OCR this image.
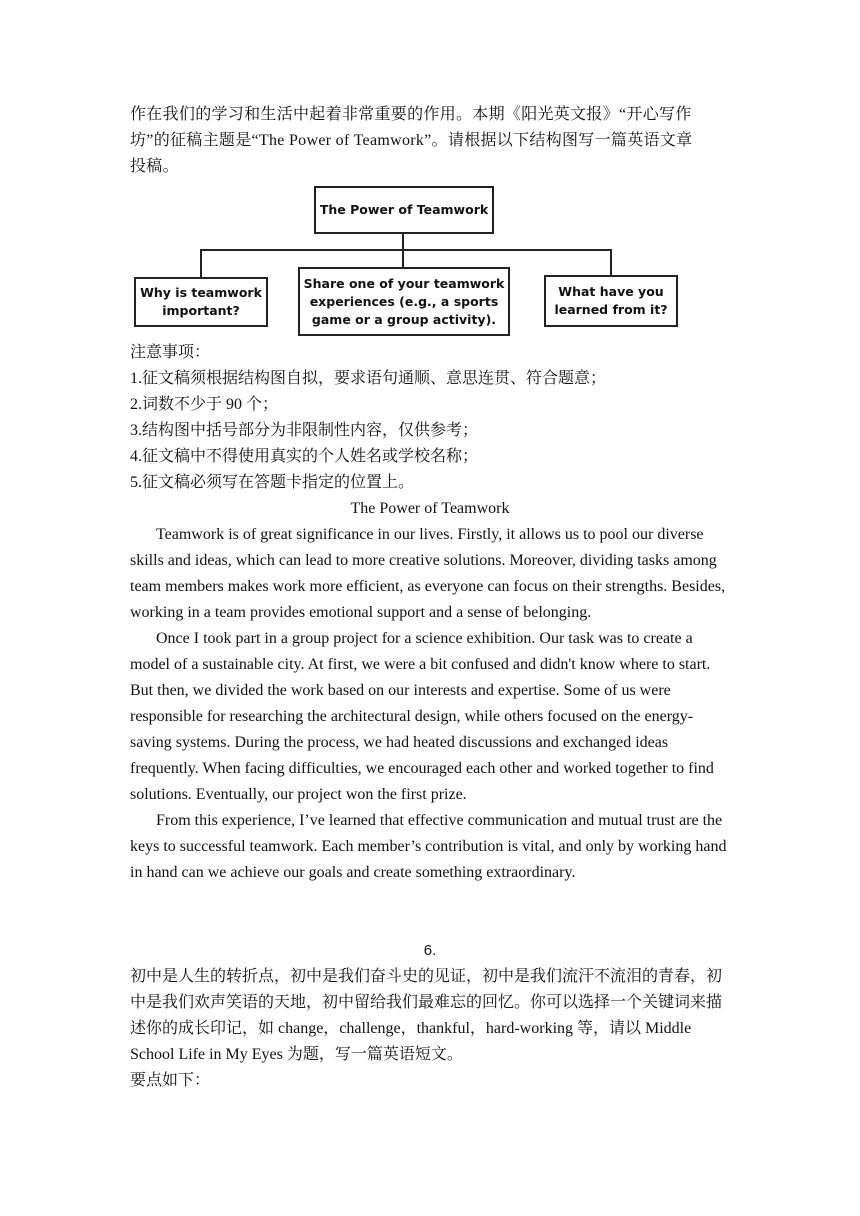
作在我们的学习和生活中起着非常重要的作用。本期《阳光英文报》“开心写作
坊”的征稿主题是“The Power of Teamwork”。请根据以下结构图写一篇英语文章
投稿。
注意事项：
1.征文稿须根据结构图自拟，要求语句通顺、意思连贯、符合题意；
2.词数不少于 90 个；
3.结构图中括号部分为非限制性内容，仅供参考；
4.征文稿中不得使用真实的个人姓名或学校名称；
5.征文稿必须写在答题卡指定的位置上。
The Power of Teamwork

Teamwork is of great significance in our lives. Firstly, it allows us to pool our diverse skills and ideas, which can lead to more creative solutions. Moreover, dividing tasks among team members makes work more efficient, as everyone can focus on their strengths. Besides, working in a team provides emotional support and a sense of belonging.

Once I took part in a group project for a science exhibition. Our task was to create a model of a sustainable city. At first, we were a bit confused and didn't know where to start. But then, we divided the work based on our interests and expertise. Some of us were responsible for researching the architectural design, while others focused on the energy-saving systems. During the process, we had heated discussions and exchanged ideas frequently. When facing difficulties, we encouraged each other and worked together to find solutions. Eventually, our project won the first prize.

From this experience, I’ve learned that effective communication and mutual trust are the keys to successful teamwork. Each member’s contribution is vital, and only by working hand in hand can we achieve our goals and create something extraordinary.

6.

初中是人生的转折点，初中是我们奋斗史的见证，初中是我们流汗不流泪的青春，初中是我们欢声笑语的天地，初中留给我们最难忘的回忆。你可以选择一个关键词来描述你的成长印记，如 change，challenge，thankful，hard-working 等，请以 Middle School Life in My Eyes 为题，写一篇英语短文。

要点如下：
The Power of Teamwork
Why is teamwork
important?
Share one of your teamwork
experiences (e.g., a sports
game or a group activity).
What have you
learned from it?
